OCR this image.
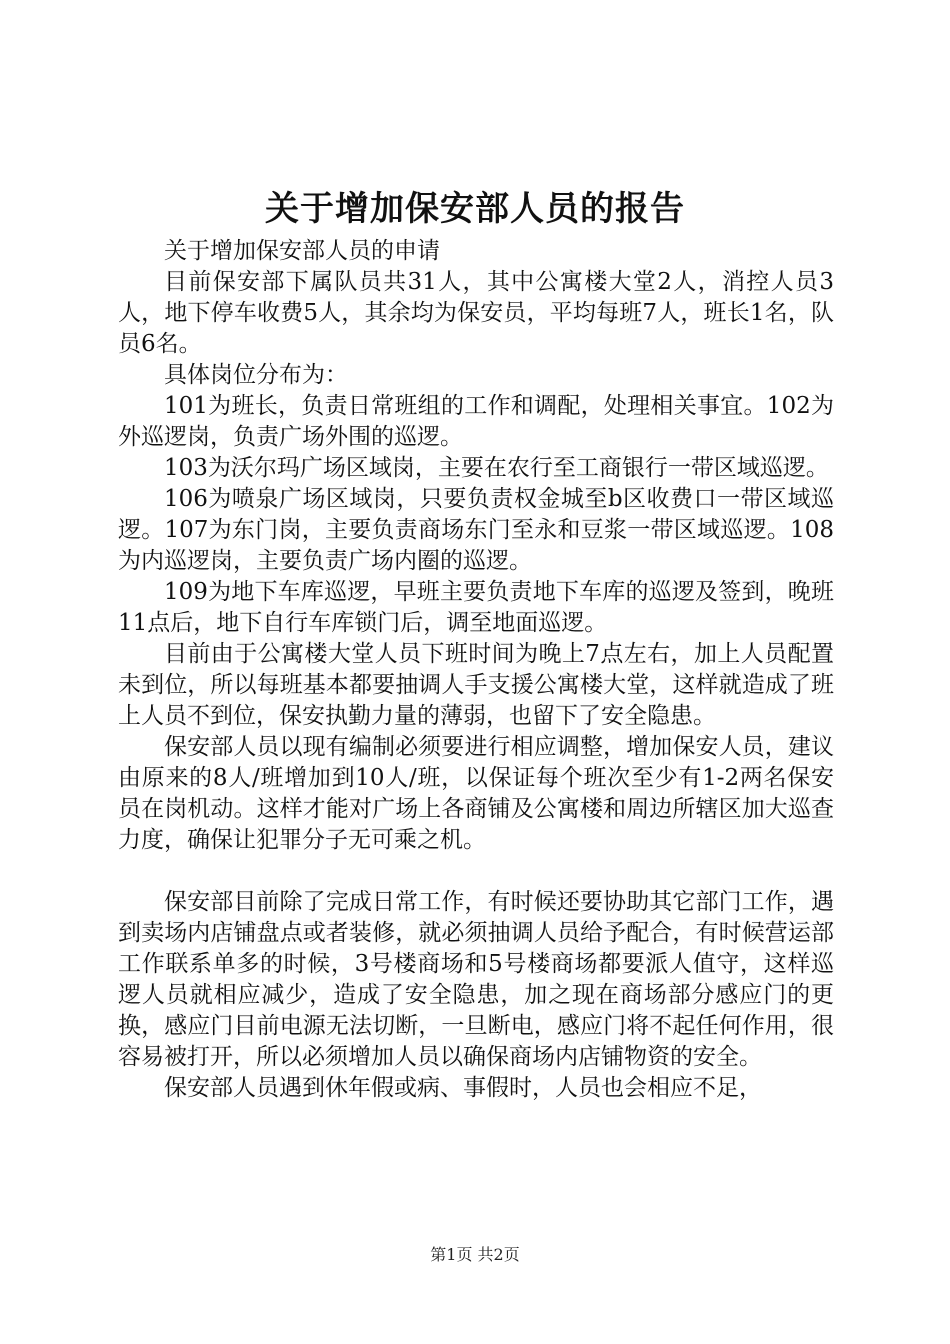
关于增加保安部人员的报告

关于增加保安部人员的申请

目前保安部下属队员共31人，其中公寓楼大堂2人，消控人员3人，地下停车收费5人，其余均为保安员，平均每班7人，班长1名，队员6名。

具体岗位分布为：

101为班长，负责日常班组的工作和调配，处理相关事宜。102为外巡逻岗，负责广场外围的巡逻。

103为沃尔玛广场区域岗，主要在农行至工商银行一带区域巡逻。

106为喷泉广场区域岗，只要负责权金城至b区收费口一带区域巡逻。107为东门岗，主要负责商场东门至永和豆浆一带区域巡逻。108为内巡逻岗，主要负责广场内圈的巡逻。

109为地下车库巡逻，早班主要负责地下车库的巡逻及签到，晚班11点后，地下自行车库锁门后，调至地面巡逻。

目前由于公寓楼大堂人员下班时间为晚上7点左右，加上人员配置未到位，所以每班基本都要抽调人手支援公寓楼大堂，这样就造成了班上人员不到位，保安执勤力量的薄弱，也留下了安全隐患。

保安部人员以现有编制必须要进行相应调整，增加保安人员，建议由原来的8人/班增加到10人/班，以保证每个班次至少有1-2两名保安员在岗机动。这样才能对广场上各商铺及公寓楼和周边所辖区加大巡查力度，确保让犯罪分子无可乘之机。

保安部目前除了完成日常工作，有时候还要协助其它部门工作，遇到卖场内店铺盘点或者装修，就必须抽调人员给予配合，有时候营运部工作联系单多的时候，3号楼商场和5号楼商场都要派人值守，这样巡逻人员就相应减少，造成了安全隐患，加之现在商场部分感应门的更换，感应门目前电源无法切断，一旦断电，感应门将不起任何作用，很容易被打开，所以必须增加人员以确保商场内店铺物资的安全。

保安部人员遇到休年假或病、事假时，人员也会相应不足，

第1页 共2页
